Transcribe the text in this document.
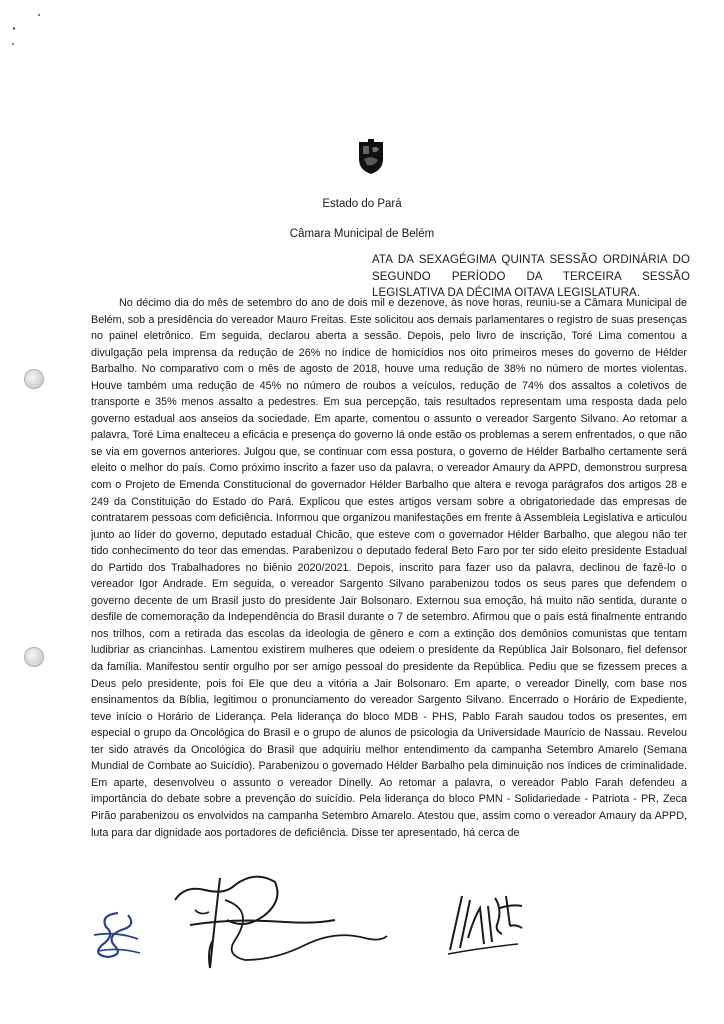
Estado do Pará
Câmara Municipal de Belém
ATA DA SEXAGÉGIMA QUINTA SESSÃO ORDINÁRIA DO SEGUNDO PERÍODO DA TERCEIRA SESSÃO LEGISLATIVA DA DÉCIMA OITAVA LEGISLATURA.

No décimo dia do mês de setembro do ano de dois mil e dezenove, às nove horas, reuniu-se a Câmara Municipal de Belém, sob a presidência do vereador Mauro Freitas. Este solicitou aos demais parlamentares o registro de suas presenças no painel eletrônico. Em seguida, declarou aberta a sessão. Depois, pelo livro de inscrição, Toré Lima comentou a divulgação pela imprensa da redução de 26% no índice de homicídios nos oito primeiros meses do governo de Hélder Barbalho. No comparativo com o mês de agosto de 2018, houve uma redução de 38% no número de mortes violentas. Houve também uma redução de 45% no número de roubos a veículos, redução de 74% dos assaltos a coletivos de transporte e 35% menos assalto a pedestres. Em sua percepção, tais resultados representam uma resposta dada pelo governo estadual aos anseios da sociedade. Em aparte, comentou o assunto o vereador Sargento Silvano. Ao retomar a palavra, Toré Lima enalteceu a eficácia e presença do governo lá onde estão os problemas a serem enfrentados, o que não se via em governos anteriores. Julgou que, se continuar com essa postura, o governo de Hélder Barbalho certamente será eleito o melhor do país. Como próximo inscrito a fazer uso da palavra, o vereador Amaury da APPD, demonstrou surpresa com o Projeto de Emenda Constitucional do governador Hélder Barbalho que altera e revoga parágrafos dos artigos 28 e 249 da Constituição do Estado do Pará. Explicou que estes artigos versam sobre a obrigatoriedade das empresas de contratarem pessoas com deficiência. Informou que organizou manifestações em frente à Assembleia Legislativa e articulou junto ao líder do governo, deputado estadual Chicão, que esteve com o governador Hélder Barbalho, que alegou não ter tido conhecimento do teor das emendas. Parabenizou o deputado federal Beto Faro por ter sido eleito presidente Estadual do Partido dos Trabalhadores no biênio 2020/2021. Depois, inscrito para fazer uso da palavra, declinou de fazê-lo o vereador Igor Andrade. Em seguida, o vereador Sargento Silvano parabenizou todos os seus pares que defendem o governo decente de um Brasil justo do presidente Jair Bolsonaro. Externou sua emoção, há muito não sentida, durante o desfile de comemoração da Independência do Brasil durante o 7 de setembro. Afirmou que o país está finalmente entrando nos trilhos, com a retirada das escolas da ideologia de gênero e com a extinção dos demônios comunistas que tentam ludibriar as criancinhas. Lamentou existirem mulheres que odeiem o presidente da República Jair Bolsonaro, fiel defensor da família. Manifestou sentir orgulho por ser amigo pessoal do presidente da República. Pediu que se fizessem preces a Deus pelo presidente, pois foi Ele que deu a vitória a Jair Bolsonaro. Em aparte, o vereador Dinelly, com base nos ensinamentos da Bíblia, legitimou o pronunciamento do vereador Sargento Silvano. Encerrado o Horário de Expediente, teve início o Horário de Liderança. Pela liderança do bloco MDB - PHS, Pablo Farah saudou todos os presentes, em especial o grupo da Oncológica do Brasil e o grupo de alunos de psicologia da Universidade Maurício de Nassau. Revelou ter sido através da Oncológica do Brasil que adquiriu melhor entendimento da campanha Setembro Amarelo (Semana Mundial de Combate ao Suicídio). Parabenizou o governado Hélder Barbalho pela diminuição nos índices de criminalidade. Em aparte, desenvolveu o assunto o vereador Dinelly. Ao retomar a palavra, o vereador Pablo Farah defendeu a importância do debate sobre a prevenção do suicídio. Pela liderança do bloco PMN - Solidariedade - Patriota - PR, Zeca Pirão parabenizou os envolvidos na campanha Setembro Amarelo. Atestou que, assim como o vereador Amaury da APPD, luta para dar dignidade aos portadores de deficiência. Disse ter apresentado, há cerca de
